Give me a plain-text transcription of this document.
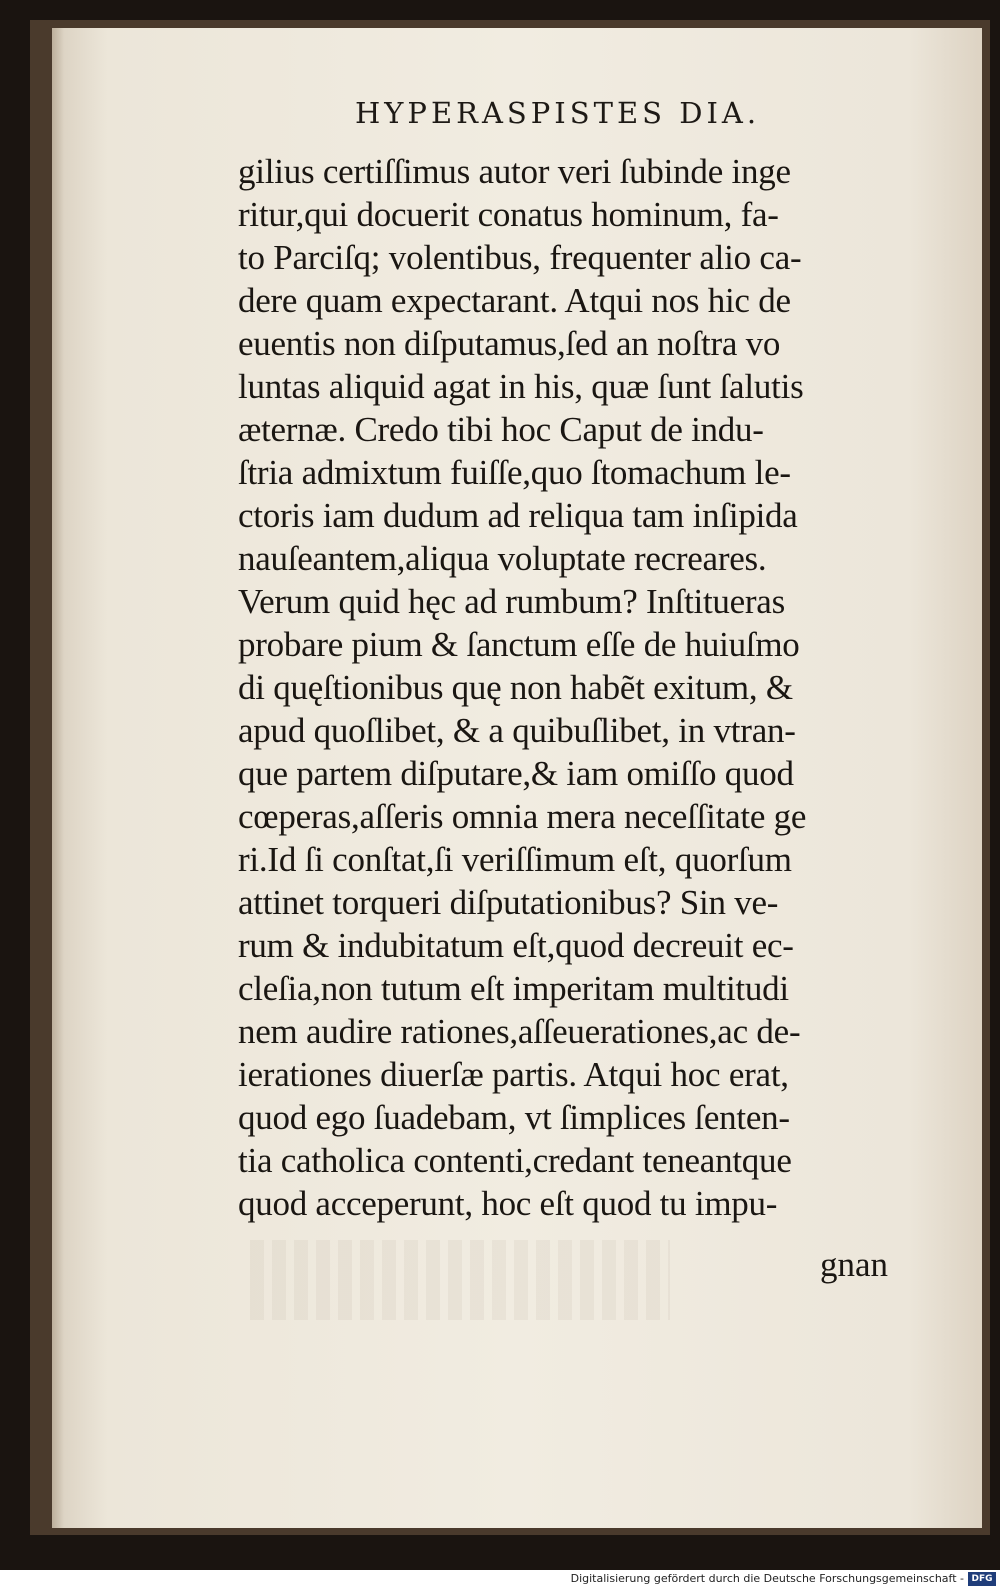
HYPERASPISTES DIA.
gilius certiſſimus autor veri ſubinde inge
ritur,qui docuerit conatus hominum, fa-
to Parciſq; volentibus, frequenter alio ca-
dere quam expectarant. Atqui nos hic de
euentis non diſputamus,ſed an noſtra vo
luntas aliquid agat in his, quæ ſunt ſalutis
æternæ. Credo tibi hoc Caput de indu-
ſtria admixtum fuiſſe,quo ſtomachum le-
ctoris iam dudum ad reliqua tam inſipida
nauſeantem,aliqua voluptate recreares.
Verum quid hęc ad rumbum? Inſtitueras
probare pium & ſanctum eſſe de huiuſmo
di quęſtionibus quę non habẽt exitum, &
apud quoſlibet, & a quibuſlibet, in vtran-
que partem diſputare,& iam omiſſo quod
cœperas,aſſeris omnia mera neceſſitate ge
ri.Id ſi conſtat,ſi veriſſimum eſt, quorſum
attinet torqueri diſputationibus? Sin ve-
rum & indubitatum eſt,quod decreuit ec-
cleſia,non tutum eſt imperitam multitudi
nem audire rationes,aſſeuerationes,ac de-
ierationes diuerſæ partis. Atqui hoc erat,
quod ego ſuadebam, vt ſimplices ſenten-
tia catholica contenti,credant teneantque
quod acceperunt, hoc eſt quod tu impu-
gnan
Digitalisierung gefördert durch die Deutsche Forschungsgemeinschaft - DFG
